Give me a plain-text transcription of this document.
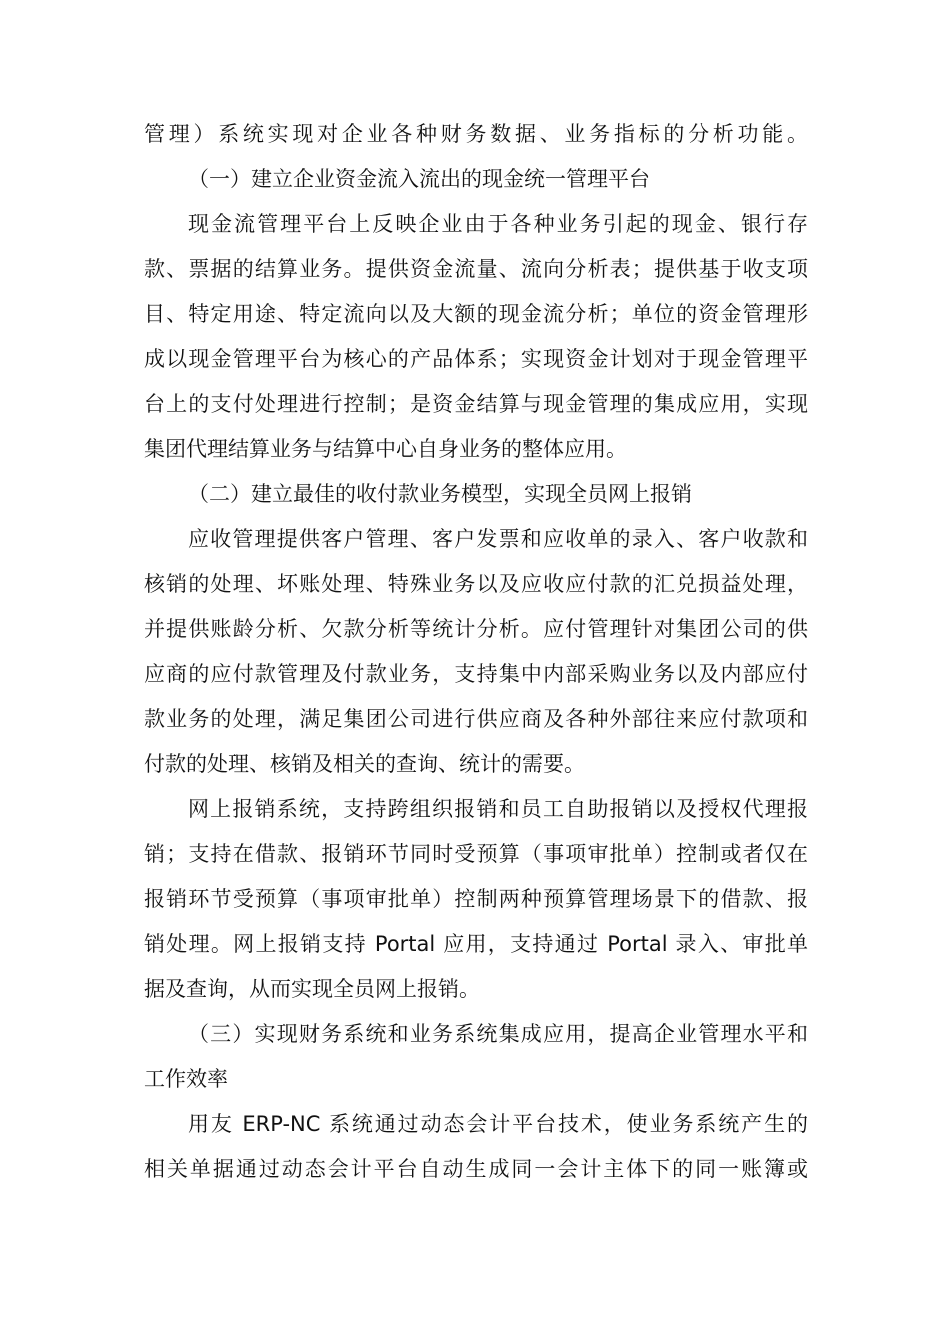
管理）系统实现对企业各种财务数据、业务指标的分析功能。
（一）建立企业资金流入流出的现金统一管理平台
现金流管理平台上反映企业由于各种业务引起的现金、银行存
款、票据的结算业务。提供资金流量、流向分析表；提供基于收支项
目、特定用途、特定流向以及大额的现金流分析；单位的资金管理形
成以现金管理平台为核心的产品体系；实现资金计划对于现金管理平
台上的支付处理进行控制；是资金结算与现金管理的集成应用，实现
集团代理结算业务与结算中心自身业务的整体应用。
（二）建立最佳的收付款业务模型，实现全员网上报销
应收管理提供客户管理、客户发票和应收单的录入、客户收款和
核销的处理、坏账处理、特殊业务以及应收应付款的汇兑损益处理，
并提供账龄分析、欠款分析等统计分析。应付管理针对集团公司的供
应商的应付款管理及付款业务，支持集中内部采购业务以及内部应付
款业务的处理，满足集团公司进行供应商及各种外部往来应付款项和
付款的处理、核销及相关的查询、统计的需要。
网上报销系统，支持跨组织报销和员工自助报销以及授权代理报
销；支持在借款、报销环节同时受预算（事项审批单）控制或者仅在
报销环节受预算（事项审批单）控制两种预算管理场景下的借款、报
销处理。网上报销支持 Portal 应用，支持通过 Portal 录入、审批单
据及查询，从而实现全员网上报销。
（三）实现财务系统和业务系统集成应用，提高企业管理水平和
工作效率
用友 ERP-NC 系统通过动态会计平台技术，使业务系统产生的
相关单据通过动态会计平台自动生成同一会计主体下的同一账簿或
